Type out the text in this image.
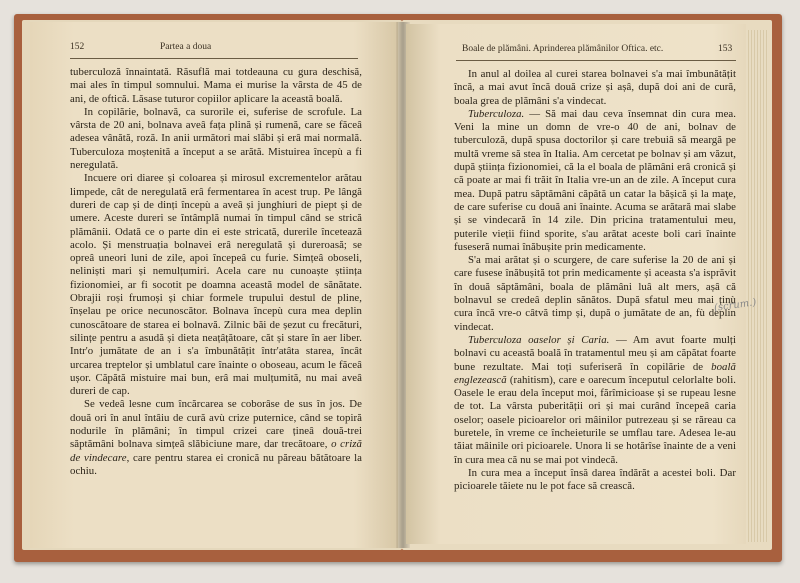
152	Partea a doua

tuberculoză înnaintată. Răsuflă mai totdeauna cu gura deschisă, mai ales în timpul somnului. Mama ei murise la vârsta de 45 de ani, de oftică. Lăsase tuturor copiilor aplicare la această boală.

In copilărie, bolnavă, ca surorile ei, suferise de scrofule. La vârsta de 20 ani, bolnava aveâ fața plină și rumenă, care se făceâ adesea vânătă, roză. In anii următori mai slăbi și erâ mai normală. Tuberculoza moștenită a început a se arătă. Mistuirea începù a fi neregulată.

Incuere ori diaree și coloarea și mirosul excrementelor arătau limpede, cât de neregulată erâ fermentarea în acest trup. Pe lângă dureri de cap și de dinți începù a aveâ și junghiuri de piept și de umere. Aceste dureri se întâmplă numai în timpul când se strică plămânii. Odată ce o parte din ei este stricată, durerile încetează acolo. Și menstruația bolnavei erâ neregulată și dureroasă; se opreâ uneori luni de zile, apoi începeâ cu furie. Simțeâ oboseli, neliniști mari și nemulțumiri. Acela care nu cunoaște știința fizionomiei, ar fi socotit pe doamna această model de sănătate. Obrajii roși frumoși și chiar formele trupului destul de pline, înșelau pe orice necunoscător. Bolnava începù cura mea deplin cunoscătoare de starea ei bolnavă. Zilnic băi de șezut cu frecături, silințe pentru a asudă și dieta neațâțătoare, căt și stare în aer liber. Intr'o jumătate de an i s'a îmbunătățit într'atâta starea, încât urcarea treptelor și umblatul care înainte o oboseau, acum le făceâ ușor. Căpătă mistuire mai bun, erâ mai mulțumită, nu mai aveâ dureri de cap.

Se vedeâ lesne cum încărcarea se coborâse de sus în jos. De două ori în anul întâiu de cură avù crize puternice, când se topiră nodurile în plămâni; în timpul crizei care țineâ două-trei săptămâni bolnava simțeâ slăbiciune mare, dar trecătoare, o criză de vindecare, care pentru starea ei cronică nu păreau bătătoare la ochiu.

Boale de plămâni. Aprinderea plămânilor Oftica. etc.	153

In anul al doilea al curei starea bolnavei s'a mai îmbunătățit încă, a mai avut încă două crize și așâ, după doi ani de cură, boala grea de plămâni s'a vindecat.

Tuberculoza. — Să mai dau ceva însemnat din cura mea. Veni la mine un domn de vre-o 40 de ani, bolnav de tuberculoză, după spusa doctorilor și care trebuiâ să meargă pe multă vreme să stea în Italia. Am cercetat pe bolnav și am văzut, după știința fizionomiei, că la el boala de plămâni erâ cronică și că poate ar mai fi trăit în Italia vre-un an de zile. A început cura mea. După patru săptămâni căpătă un catar la bășică și la maţe, de care suferise cu două ani înainte. Acuma se arătară mai slabe și se vindecară în 14 zile. Din pricina tratamentului meu, puterile vieții fiind sporite, s'au arătat aceste boli cari înainte fuseseră numai înăbușite prin medicamente.

S'a mai arătat și o scurgere, de care suferise la 20 de ani și care fusese înăbușită tot prin medicamente și aceasta s'a isprăvit în două săptămâni, boala de plămâni luâ alt mers, așâ că bolnavul se credeâ deplin sănătos. După sfatul meu mai ținù cura încă vre-o câtvă timp și, după o jumătate de an, fù deplin vindecat.

Tuberculoza oaselor și Caria. — Am avut foarte mulți bolnavi cu această boală în tratamentul meu și am căpătat foarte bune rezultate. Mai toți suferiseră în copilărie de boală englezească (rahitism), care e oarecum începutul celorlalte boli. Oasele le erau dela început moi, fărîmicioase și se rupeau lesne de tot. La vârsta puberității ori și mai curând începeâ caria oselor; oasele picioarelor ori mâinilor putrezeau și se răreau ca buretele, în vreme ce încheieturile se umflau tare. Adesea le-au tăiat mâinile ori picioarele. Unora li se hotărîse înainte de a veni în cura mea că nu se mai pot vindecă.

In cura mea a început însă darea îndărăt a acestei boli. Dar picioarele tăiete nu le pot face să crească.

(scrum.)
